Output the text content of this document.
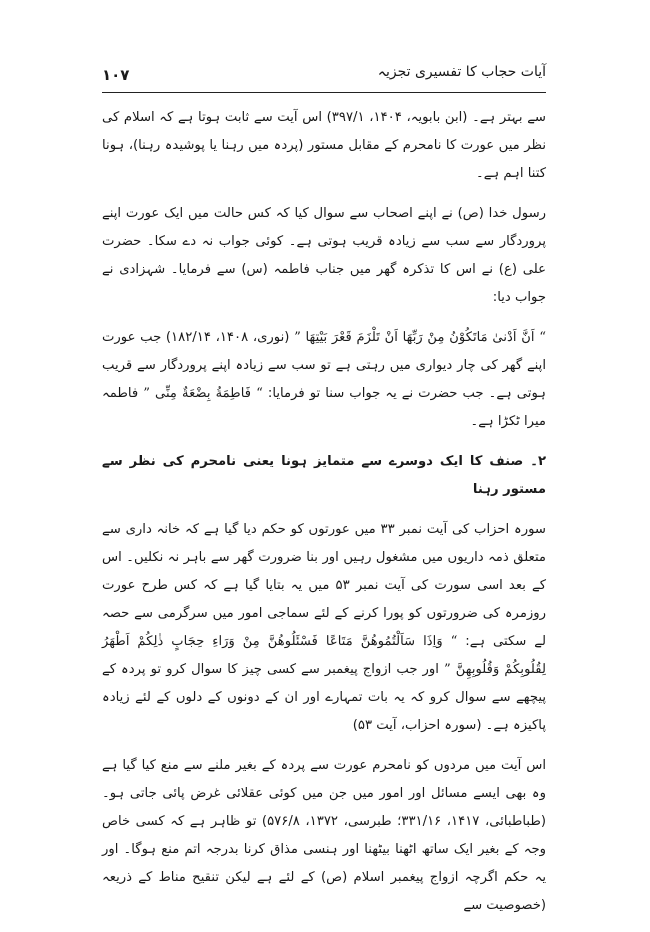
۱۰۷	آیات حجاب کا تفسیری تجزیہ

سے بہتر ہے۔ (ابن بابویہ، ۱۴۰۴، ۳۹۷/۱) اس آیت سے ثابت ہوتا ہے کہ اسلام کی نظر میں عورت کا نامحرم کے مقابل مستور (پردہ میں رہنا یا پوشیدہ رہنا)، ہونا کتنا اہم ہے۔

رسول خدا (ص) نے اپنے اصحاب سے سوال کیا کہ کس حالت میں ایک عورت اپنے پروردگار سے سب سے زیادہ قریب ہوتی ہے۔ کوئی جواب نہ دے سکا۔ حضرت علی (ع) نے اس کا تذکرہ گھر میں جناب فاطمہ (س) سے فرمایا۔ شہزادی نے جواب دیا:

“ اَنَّ اَدْنیٰ مَاتَکُوْنُ مِنْ رَبِّهَا اَنْ تَلْزَمَ قَعْرَ بَیْتِهَا ” (نوری، ۱۴۰۸، ۱۸۲/۱۴) جب عورت اپنے گھر کی چار دیواری میں رہتی ہے تو سب سے زیادہ اپنے پروردگار سے قریب ہوتی ہے۔ جب حضرت نے یہ جواب سنا تو فرمایا: “ فَاطِمَةُ بِضْعَةٌ مِنِّی ” فاطمہ میرا ٹکڑا ہے۔

۲۔ صنف کا ایک دوسرے سے متمایز ہونا یعنی نامحرم کی نظر سے مستور رہنا

سورہ احزاب کی آیت نمبر ۳۳ میں عورتوں کو حکم دیا گیا ہے کہ خانہ داری سے متعلق ذمہ داریوں میں مشغول رہیں اور بنا ضرورت گھر سے باہر نہ نکلیں۔ اس کے بعد اسی سورت کی آیت نمبر ۵۳ میں یہ بتایا گیا ہے کہ کس طرح عورت روزمرہ کی ضرورتوں کو پورا کرنے کے لئے سماجی امور میں سرگرمی سے حصہ لے سکتی ہے: “ وَاِذَا سَاَلْتُمُوهُنَّ مَتَاعًا فَسْئَلُوهُنَّ مِنْ وَرَاءِ حِجَابٍ ذٰلِكُمْ اَطْهَرُ لِقُلُوبِكُمْ وَقُلُوبِهِنَّ ” اور جب ازواج پیغمبر سے کسی چیز کا سوال کرو تو پردہ کے پیچھے سے سوال کرو کہ یہ بات تمہارے اور ان کے دونوں کے دلوں کے لئے زیادہ پاکیزہ ہے۔ (سورہ احزاب، آیت ۵۳)

اس آیت میں مردوں کو نامحرم عورت سے پردہ کے بغیر ملنے سے منع کیا گیا ہے وہ بھی ایسے مسائل اور امور میں جن میں کوئی عقلائی غرض پائی جاتی ہو۔ (طباطبائی، ۱۴۱۷، ۳۳۱/۱۶؛ طبرسی، ۱۳۷۲، ۵۷۶/۸) تو ظاہر ہے کہ کسی خاص وجہ کے بغیر ایک ساتھ اٹھنا بیٹھنا اور ہنسی مذاق کرنا بدرجہ اتم منع ہوگا۔ اور یہ حکم اگرچہ ازواج پیغمبر اسلام (ص) کے لئے ہے لیکن تنقیح مناط کے ذریعہ (خصوصیت سے
